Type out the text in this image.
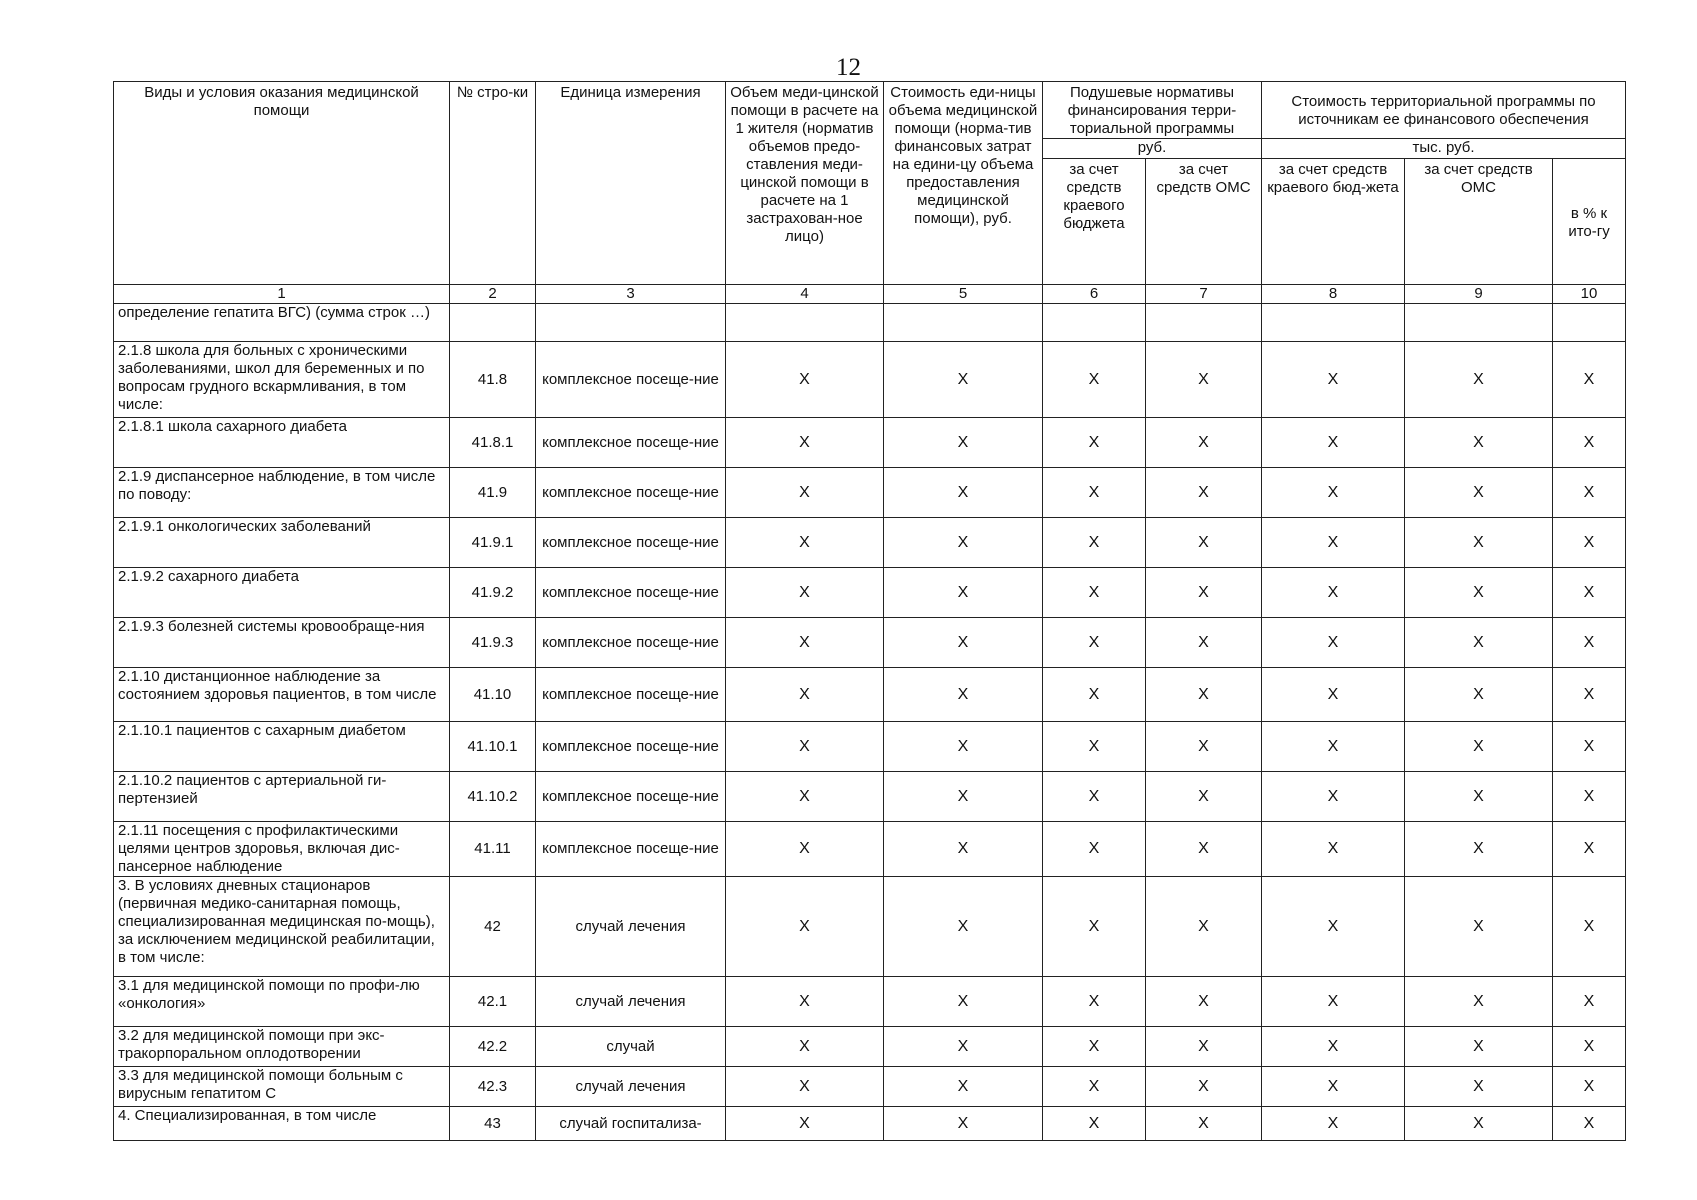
12
Виды и условия оказания медицинской помощи	№ стро-ки	Единица измерения	Объем меди-цинской помощи в расчете на 1 жителя (норматив объемов предо-ставления меди-цинской помощи в расчете на 1 застрахован-ное лицо)	Стоимость еди-ницы объема медицинской помощи (норма-тив финансовых затрат на едини-цу объема предоставления медицинской помощи), руб.	Подушевые нормативы финансирования терри-ториальной программы		Стоимость территориальной программы по источникам ее финансового обеспечения		
					руб.		тыс. руб.		
					за счет средств краевого бюджета	за счет средств ОМС	за счет средств краевого бюд-жета	за счет средств ОМС	в % к ито-гу
1	2	3	4	5	6	7	8	9	10
определение гепатита ВГС) (сумма строк …)									
2.1.8 школа для больных с хроническими заболеваниями, школ для беременных и по вопросам грудного вскармливания, в том числе:	41.8	комплексное посеще-ние	Х	Х	Х	Х	Х	Х	Х
2.1.8.1 школа сахарного диабета	41.8.1	комплексное посеще-ние	Х	Х	Х	Х	Х	Х	Х
2.1.9 диспансерное наблюдение, в том числе по поводу:	41.9	комплексное посеще-ние	Х	Х	Х	Х	Х	Х	Х
2.1.9.1 онкологических заболеваний	41.9.1	комплексное посеще-ние	Х	Х	Х	Х	Х	Х	Х
2.1.9.2 сахарного диабета	41.9.2	комплексное посеще-ние	Х	Х	Х	Х	Х	Х	Х
2.1.9.3 болезней системы кровообраще-ния	41.9.3	комплексное посеще-ние	Х	Х	Х	Х	Х	Х	Х
2.1.10 дистанционное наблюдение за состоянием здоровья пациентов, в том числе	41.10	комплексное посеще-ние	Х	Х	Х	Х	Х	Х	Х
2.1.10.1 пациентов с сахарным диабетом	41.10.1	комплексное посеще-ние	Х	Х	Х	Х	Х	Х	Х
2.1.10.2 пациентов с артериальной ги-пертензией	41.10.2	комплексное посеще-ние	Х	Х	Х	Х	Х	Х	Х
2.1.11 посещения с профилактическими целями центров здоровья, включая дис-пансерное наблюдение	41.11	комплексное посеще-ние	Х	Х	Х	Х	Х	Х	Х
3. В условиях дневных стационаров (первичная медико-санитарная помощь, специализированная медицинская по-мощь), за исключением медицинской реабилитации, в том числе:	42	случай лечения	Х	Х	Х	Х	Х	Х	Х
3.1 для медицинской помощи по профи-лю «онкология»	42.1	случай лечения	Х	Х	Х	Х	Х	Х	Х
3.2 для медицинской помощи при экс-тракорпоральном оплодотворении	42.2	случай	Х	Х	Х	Х	Х	Х	Х
3.3 для медицинской помощи больным с вирусным гепатитом С	42.3	случай лечения	Х	Х	Х	Х	Х	Х	Х
4. Специализированная, в том числе	43	случай госпитализа-	Х	Х	Х	Х	Х	Х	Х
